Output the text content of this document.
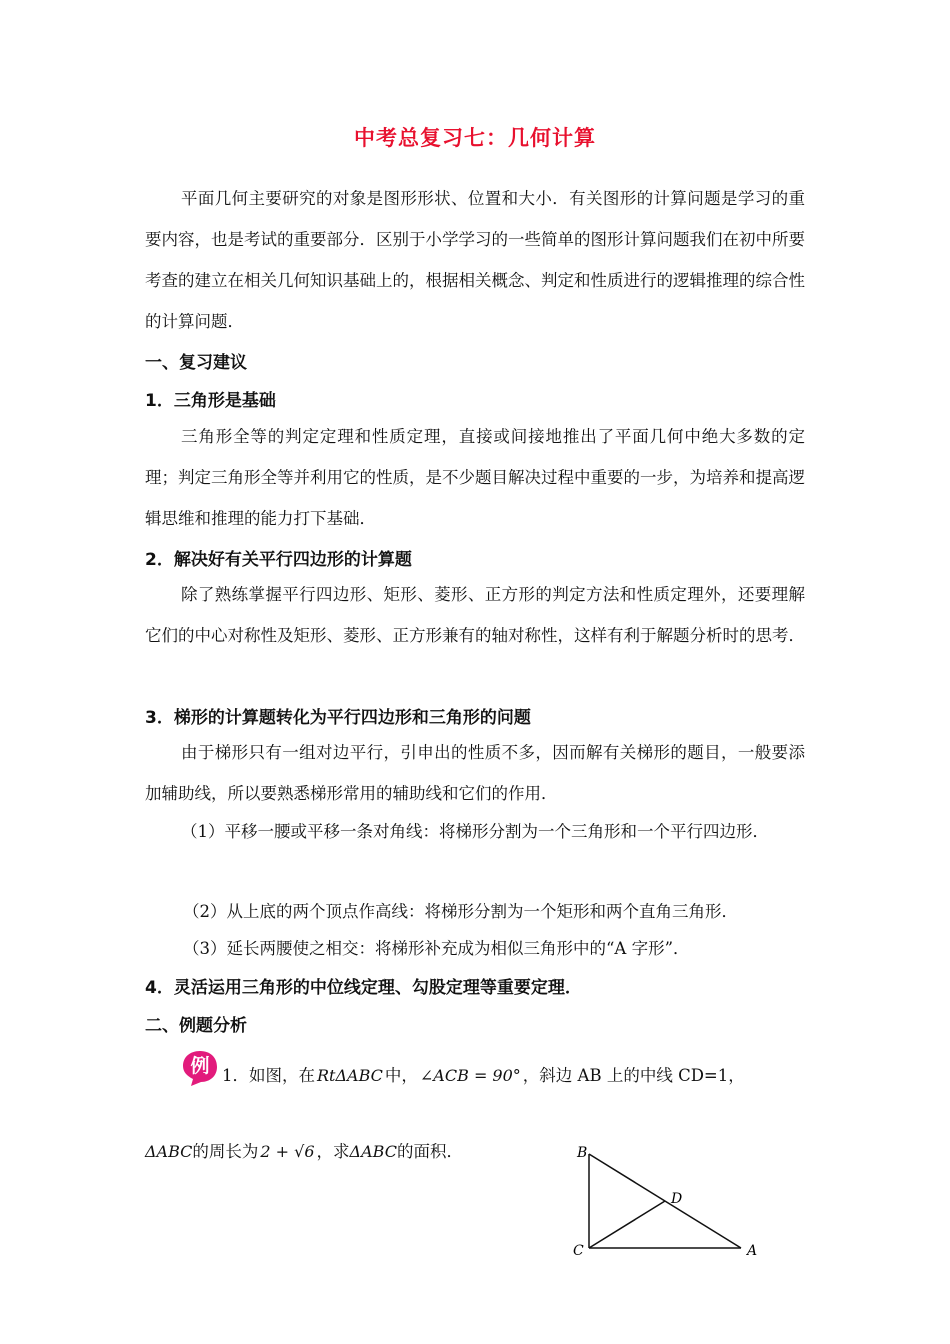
中考总复习七：几何计算
平面几何主要研究的对象是图形形状、位置和大小．有关图形的计算问题是学习的重要内容，也是考试的重要部分．区别于小学学习的一些简单的图形计算问题我们在初中所要考查的建立在相关几何知识基础上的，根据相关概念、判定和性质进行的逻辑推理的综合性的计算问题．
一、复习建议
1．三角形是基础
三角形全等的判定定理和性质定理，直接或间接地推出了平面几何中绝大多数的定理；判定三角形全等并利用它的性质，是不少题目解决过程中重要的一步，为培养和提高逻辑思维和推理的能力打下基础．
2．解决好有关平行四边形的计算题
除了熟练掌握平行四边形、矩形、菱形、正方形的判定方法和性质定理外，还要理解它们的中心对称性及矩形、菱形、正方形兼有的轴对称性，这样有利于解题分析时的思考．
3．梯形的计算题转化为平行四边形和三角形的问题
由于梯形只有一组对边平行，引申出的性质不多，因而解有关梯形的题目，一般要添加辅助线，所以要熟悉梯形常用的辅助线和它们的作用．
（1）平移一腰或平移一条对角线：将梯形分割为一个三角形和一个平行四边形．
（2）从上底的两个顶点作高线：将梯形分割为一个矩形和两个直角三角形．
（3）延长两腰使之相交：将梯形补充成为相似三角形中的“A 字形”．
4．灵活运用三角形的中位线定理、勾股定理等重要定理．
二、例题分析
例 1．如图，在 RtΔABC 中， ∠ACB = 90° ，斜边 AB 上的中线 CD=1，
ΔABC的周长为 2 + √6 ，求ΔABC的面积．	B
C	A
D
